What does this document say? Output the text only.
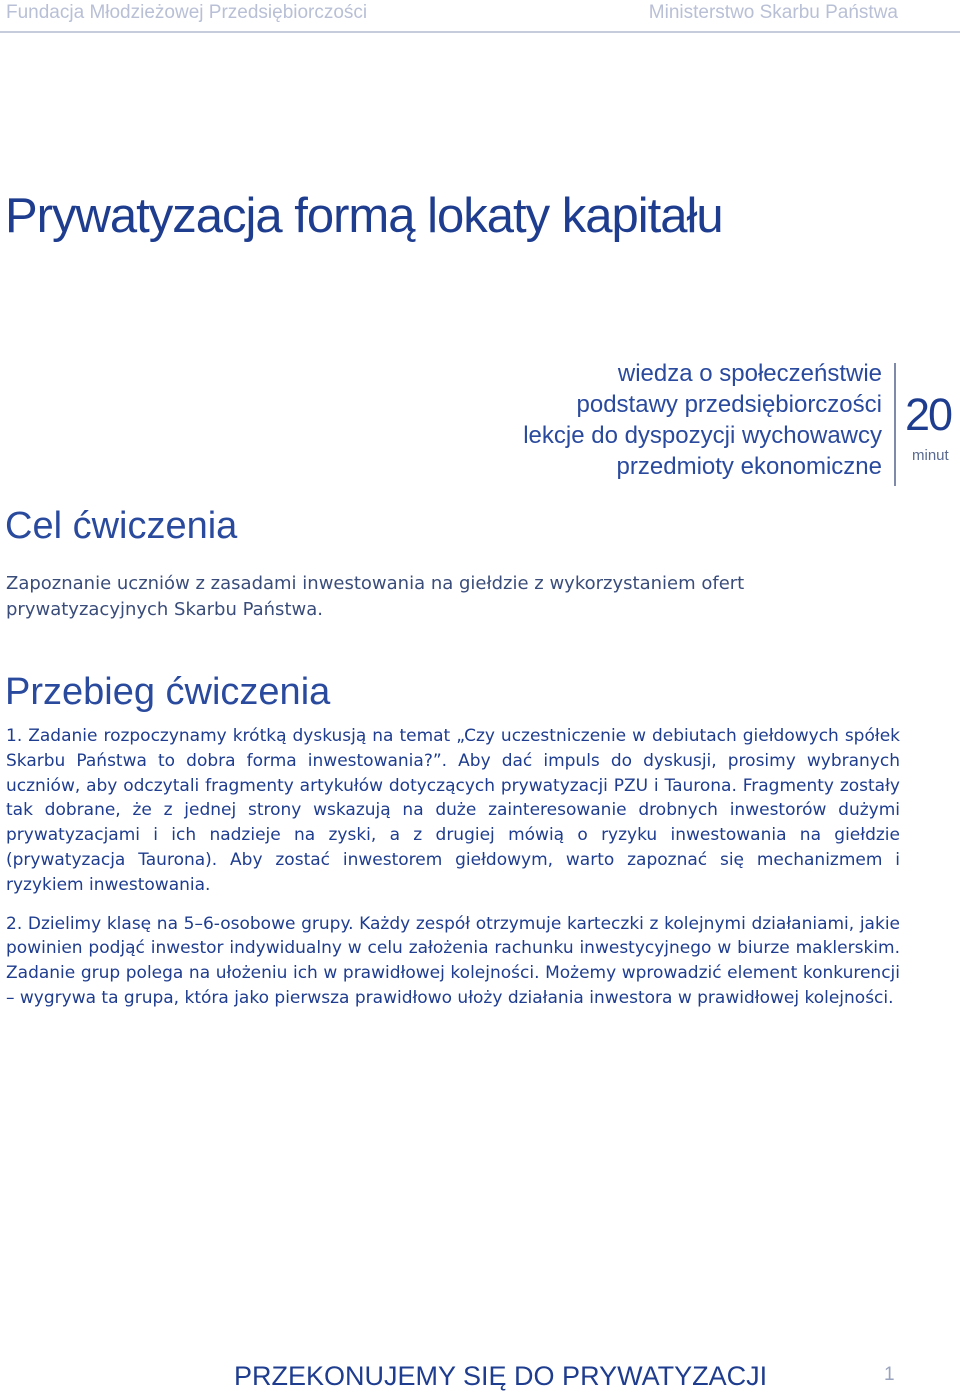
Fundacja Młodzieżowej Przedsiębiorczości	Ministerstwo Skarbu Państwa
Prywatyzacja formą lokaty kapitału
wiedza o społeczeństwie
podstawy przedsiębiorczości
lekcje do dyspozycji wychowawcy
przedmioty ekonomiczne
20
minut
Cel ćwiczenia

Zapoznanie uczniów z zasadami inwestowania na giełdzie z wykorzystaniem ofert prywatyzacyjnych Skarbu Państwa.

Przebieg ćwiczenia

1. Zadanie rozpoczynamy krótką dyskusją na temat „Czy uczestniczenie w debiutach giełdowych spółek Skarbu Państwa to dobra forma inwestowania?”. Aby dać impuls do dyskusji, prosimy wybranych uczniów, aby odczytali fragmenty artykułów dotyczących prywatyzacji PZU i Taurona. Fragmenty zostały tak dobrane, że z jednej strony wskazują na duże zainteresowanie drobnych inwestorów dużymi prywatyzacjami i ich nadzieje na zyski, a z drugiej mówią o ryzyku inwestowania na giełdzie (prywatyzacja Taurona). Aby zostać inwestorem giełdowym, warto zapoznać się mechanizmem i ryzykiem inwestowania.

2. Dzielimy klasę na 5–6-osobowe grupy. Każdy zespół otrzymuje karteczki z kolejnymi działaniami, jakie powinien podjąć inwestor indywidualny w celu założenia rachunku inwestycyjnego w biurze maklerskim. Zadanie grup polega na ułożeniu ich w prawidłowej kolejności. Możemy wprowadzić element konkurencji – wygrywa ta grupa, która jako pierwsza prawidłowo ułoży działania inwestora w prawidłowej kolejności.

PRZEKONUJEMY SIĘ DO PRYWATYZACJI	1
